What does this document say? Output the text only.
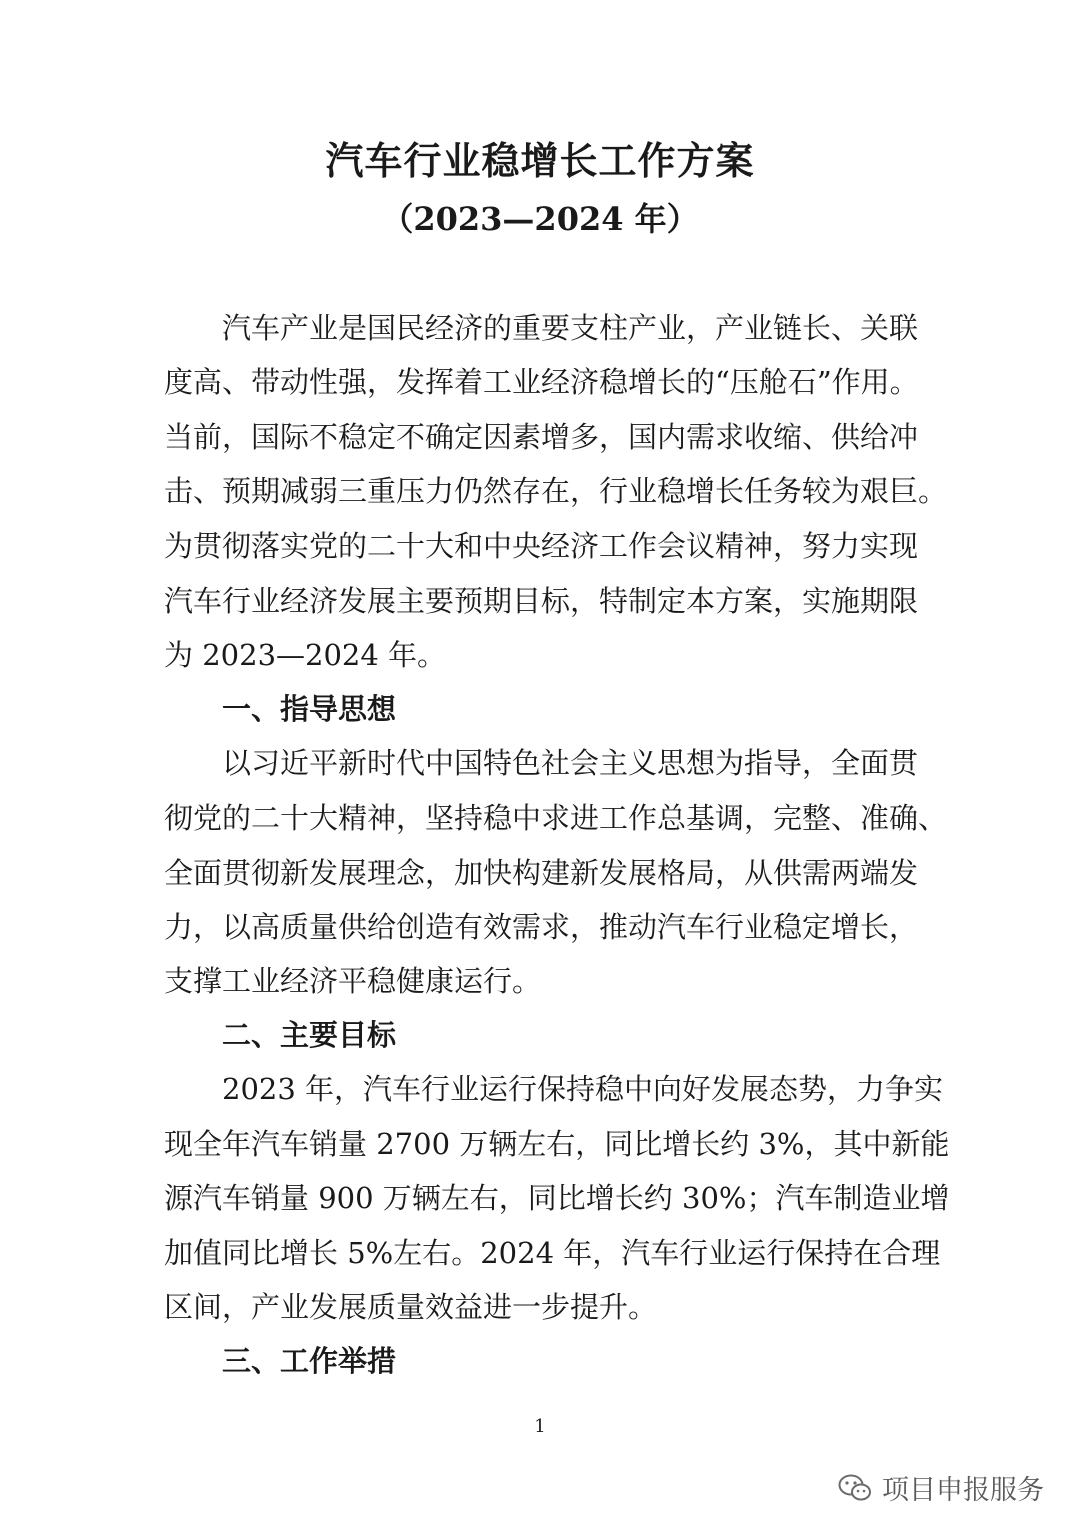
汽车行业稳增长工作方案
（2023—2024 年）

汽车产业是国民经济的重要支柱产业，产业链长、关联

度高、带动性强，发挥着工业经济稳增长的“压舱石”作用。

当前，国际不稳定不确定因素增多，国内需求收缩、供给冲

击、预期减弱三重压力仍然存在，行业稳增长任务较为艰巨。

为贯彻落实党的二十大和中央经济工作会议精神，努力实现

汽车行业经济发展主要预期目标，特制定本方案，实施期限

为 2023—2024 年。

一、指导思想

以习近平新时代中国特色社会主义思想为指导，全面贯

彻党的二十大精神，坚持稳中求进工作总基调，完整、准确、

全面贯彻新发展理念，加快构建新发展格局，从供需两端发

力，以高质量供给创造有效需求，推动汽车行业稳定增长，

支撑工业经济平稳健康运行。

二、主要目标

2023 年，汽车行业运行保持稳中向好发展态势，力争实

现全年汽车销量 2700 万辆左右，同比增长约 3%，其中新能

源汽车销量 900 万辆左右，同比增长约 30%；汽车制造业增

加值同比增长 5%左右。2024 年，汽车行业运行保持在合理

区间，产业发展质量效益进一步提升。

三、工作举措
1
项目申报服务
